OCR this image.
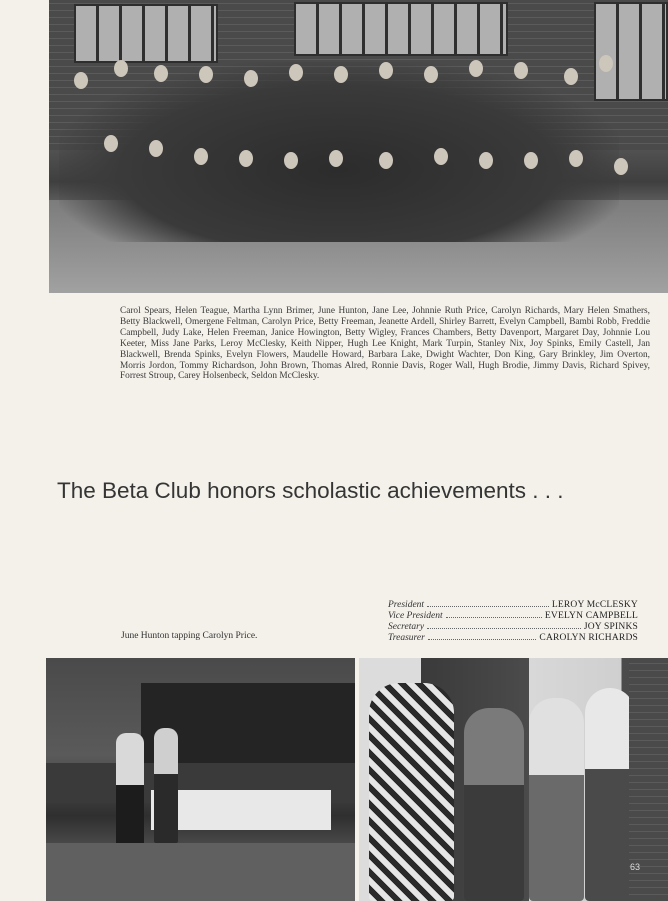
Carol Spears, Helen Teague, Martha Lynn Brimer, June Hunton, Jane Lee, Johnnie Ruth Price, Carolyn Richards, Mary Helen Smathers, Betty Blackwell, Omergene Feltman, Carolyn Price, Betty Freeman, Jeanette Ardell, Shirley Barrett, Evelyn Campbell, Bambi Robb, Freddie Campbell, Judy Lake, Helen Freeman, Janice Howington, Betty Wigley, Frances Chambers, Betty Davenport, Margaret Day, Johnnie Lou Keeter, Miss Jane Parks, Leroy McClesky, Keith Nipper, Hugh Lee Knight, Mark Turpin, Stanley Nix, Joy Spinks, Emily Castell, Jan Blackwell, Brenda Spinks, Evelyn Flowers, Maudelle Howard, Barbara Lake, Dwight Wachter, Don King, Gary Brinkley, Jim Overton, Morris Jordon, Tommy Richardson, John Brown, Thomas Alred, Ronnie Davis, Roger Wall, Hugh Brodie, Jimmy Davis, Richard Spivey, Forrest Stroup, Carey Holsenbeck, Seldon McClesky.
The Beta Club honors scholastic achievements . . .
President	LEROY McCLESKY
Vice President	EVELYN CAMPBELL
Secretary	JOY SPINKS
Treasurer	CAROLYN RICHARDS
June Hunton tapping Carolyn Price.
63
